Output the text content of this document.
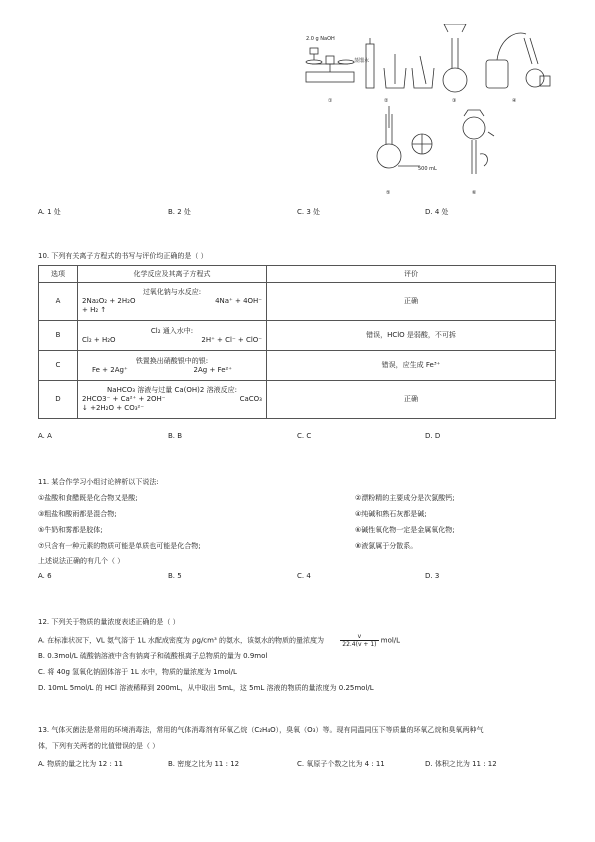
2.0 g NaOH
蒸馏水
500 mL
①	②	③	④
⑤	⑥
A. 1 处	B. 2 处	C. 3 处	D. 4 处
10. 下列有关离子方程式的书写与评价均正确的是（ ）
选项	化学反应及其离子方程式	评价
A	过氧化钠与水反应:
2Na₂O₂ + 2H₂O 4Na⁺ + 4OH⁻
+ H₂ ↑	正确
B	Cl₂ 通入水中:
Cl₂ + H₂O 2H⁺ + Cl⁻ + ClO⁻	错误，HClO 是弱酸，不可拆
C	铁置换出硝酸银中的银:
Fe + 2Ag⁺ 2Ag + Fe²⁺	错误，应生成 Fe³⁺
D	NaHCO₃ 溶液与过量 Ca(OH)2 溶液反应:
2HCO3⁻ + Ca²⁺ + 2OH⁻ CaCO₃
↓ +2H₂O + CO₃²⁻	正确
A. A	B. B	C. C	D. D
11. 某合作学习小组讨论辨析以下说法:
①盐酸和食醋既是化合物又是酸;	②漂粉精的主要成分是次氯酸钙;
③粗盐和酸雨都是混合物;	④纯碱和熟石灰都是碱;
⑤牛奶和雾都是胶体;	⑥碱性氧化物一定是金属氧化物;
⑦只含有一种元素的物质可能是单质也可能是化合物;	⑧液氯属于分散系。
上述说法正确的有几个（ ）
A. 6	B. 5	C. 4	D. 3
12. 下列关于物质的量浓度表述正确的是（ ）
A. 在标准状况下，VL 氨气溶于 1L 水配成密度为 ρg/cm³ 的氨水，该氨水的物质的量浓度为	$\frac{v}{22.4(v + 1)} mol/L$
B. 0.3mol/L 硫酸钠溶液中含有钠离子和硫酸根离子总物质的量为 0.9mol
C. 将 40g 氢氧化钠固体溶于 1L 水中，物质的量浓度为 1mol/L
D. 10mL 5mol/L 的 HCl 溶液稀释到 200mL，从中取出 5mL，这 5mL 溶液的物质的量浓度为 0.25mol/L
13. 气体灭菌法是常用的环境消毒法，常用的气体消毒剂有环氧乙烷（C₂H₄O），臭氧（O₃）等。现有同温同压下等质量的环氧乙烷和臭氧两种气
体，下列有关两者的比值错误的是（ ）
A. 物质的量之比为 12 : 11	B. 密度之比为 11 : 12	C. 氧原子个数之比为 4 : 11	D. 体积之比为 11 : 12
